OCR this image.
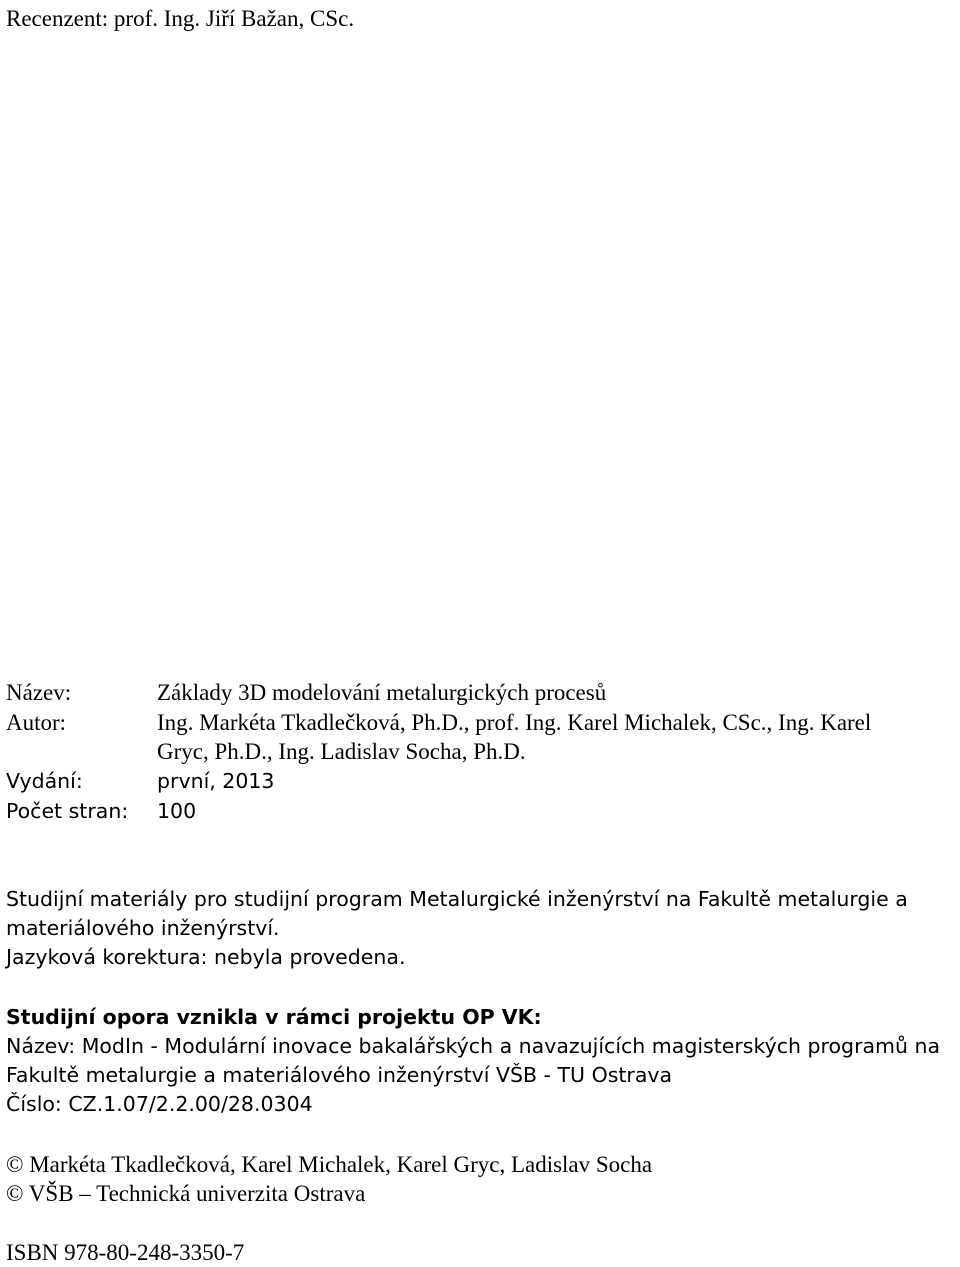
Recenzent: prof. Ing. Jiří Bažan, CSc.
Název:	Základy 3D modelování metalurgických procesů
Autor:	Ing. Markéta Tkadlečková, Ph.D., prof. Ing. Karel Michalek, CSc., Ing. Karel
Gryc, Ph.D., Ing. Ladislav Socha, Ph.D.
Vydání:	první, 2013
Počet stran: 100
Studijní materiály pro studijní program Metalurgické inženýrství na Fakultě metalurgie a
materiálového inženýrství.
Jazyková korektura: nebyla provedena.
Studijní opora vznikla v rámci projektu OP VK:
Název: ModIn - Modulární inovace bakalářských a navazujících magisterských programů na
Fakultě metalurgie a materiálového inženýrství VŠB - TU Ostrava
Číslo: CZ.1.07/2.2.00/28.0304
© Markéta Tkadlečková, Karel Michalek, Karel Gryc, Ladislav Socha
© VŠB – Technická univerzita Ostrava
ISBN 978-80-248-3350-7
